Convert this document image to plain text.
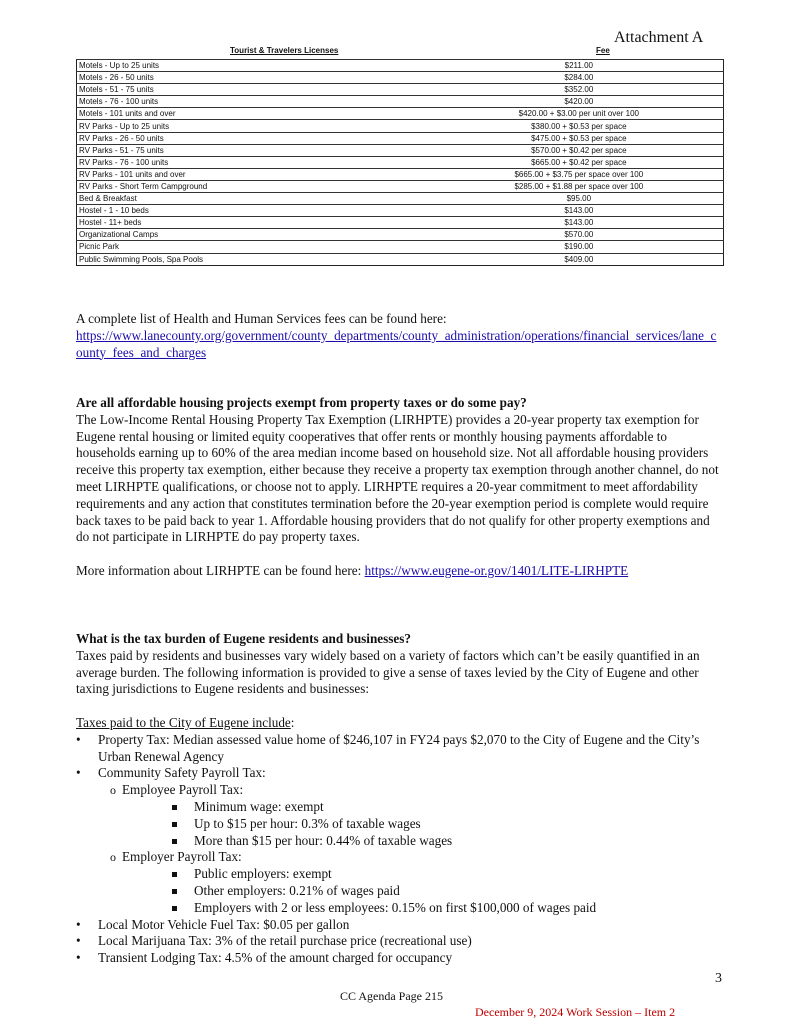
Attachment A
Tourist & Travelers Licenses	Fee
Motels - Up to 25 units	$211.00
Motels - 26 - 50 units	$284.00
Motels - 51 - 75 units	$352.00
Motels - 76 - 100 units	$420.00
Motels - 101 units and over	$420.00 + $3.00 per unit over 100
RV Parks - Up to 25 units	$380.00 + $0.53 per space
RV Parks - 26 - 50 units	$475.00 + $0.53 per space
RV Parks - 51 - 75 units	$570.00 + $0.42 per space
RV Parks - 76 - 100 units	$665.00 + $0.42 per space
RV Parks - 101 units and over	$665.00 + $3.75 per space over 100
RV Parks - Short Term Campground	$285.00 + $1.88 per space over 100
Bed & Breakfast	$95.00
Hostel - 1 - 10 beds	$143.00
Hostel - 11+ beds	$143.00
Organizational Camps	$570.00
Picnic Park	$190.00
Public Swimming Pools, Spa Pools	$409.00

A complete list of Health and Human Services fees can be found here:

https://www.lanecounty.org/government/county_departments/county_administration/operations/financial_services/lane_county_fees_and_charges
Are all affordable housing projects exempt from property taxes or do some pay?

The Low-Income Rental Housing Property Tax Exemption (LIRHPTE) provides a 20-year property tax exemption for Eugene rental housing or limited equity cooperatives that offer rents or monthly housing payments affordable to households earning up to 60% of the area median income based on household size. Not all affordable housing providers receive this property tax exemption, either because they receive a property tax exemption through another channel, do not meet LIRHPTE qualifications, or choose not to apply. LIRHPTE requires a 20-year commitment to meet affordability requirements and any action that constitutes termination before the 20-year exemption period is complete would require back taxes to be paid back to year 1. Affordable housing providers that do not qualify for other property exemptions and do not participate in LIRHPTE do pay property taxes.

More information about LIRHPTE can be found here: https://www.eugene-or.gov/1401/LITE-LIRHPTE

What is the tax burden of Eugene residents and businesses?

Taxes paid by residents and businesses vary widely based on a variety of factors which can’t be easily quantified in an average burden. The following information is provided to give a sense of taxes levied by the City of Eugene and other taxing jurisdictions to Eugene residents and businesses:

Taxes paid to the City of Eugene include:

• Property Tax: Median assessed value home of $246,107 in FY24 pays $2,070 to the City of Eugene and the City’s Urban Renewal Agency
• Community Safety Payroll Tax:
o Employee Payroll Tax:
Minimum wage: exempt
Up to $15 per hour: 0.3% of taxable wages
More than $15 per hour: 0.44% of taxable wages
o Employer Payroll Tax:
Public employers: exempt
Other employers: 0.21% of wages paid
Employers with 2 or less employees: 0.15% on first $100,000 of wages paid
• Local Motor Vehicle Fuel Tax: $0.05 per gallon
• Local Marijuana Tax: 3% of the retail purchase price (recreational use)
• Transient Lodging Tax: 4.5% of the amount charged for occupancy
3
CC Agenda Page 215
December 9, 2024 Work Session – Item 2
